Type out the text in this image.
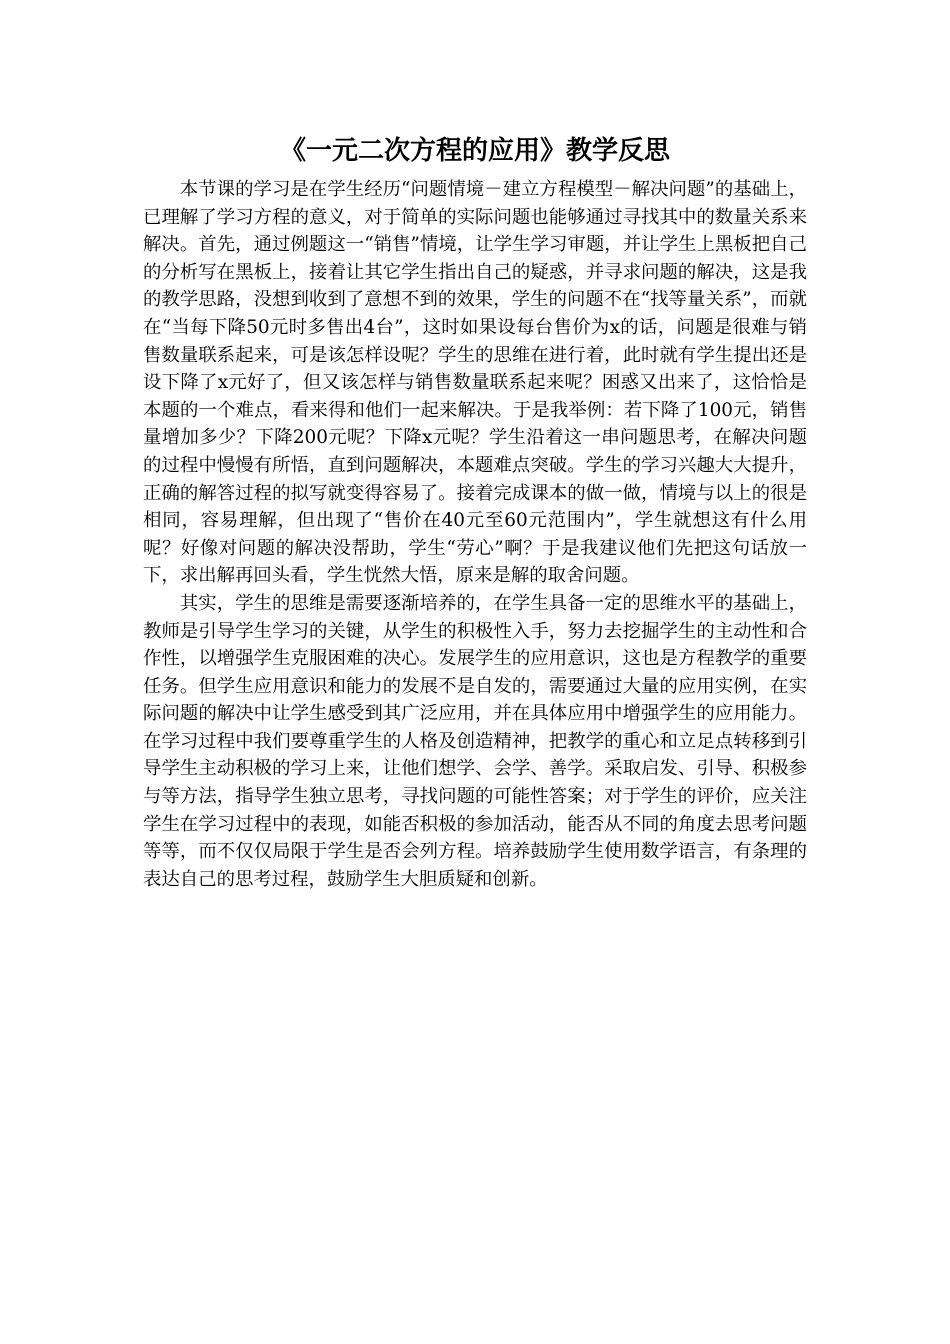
《一元二次方程的应用》教学反思

本节课的学习是在学生经历“问题情境－建立方程模型－解决问题”的基础上，已理解了学习方程的意义，对于简单的实际问题也能够通过寻找其中的数量关系来解决。首先，通过例题这一“销售”情境，让学生学习审题，并让学生上黑板把自己的分析写在黑板上，接着让其它学生指出自己的疑惑，并寻求问题的解决，这是我的教学思路，没想到收到了意想不到的效果，学生的问题不在“找等量关系”，而就在“当每下降50元时多售出4台”，这时如果设每台售价为x的话，问题是很难与销售数量联系起来，可是该怎样设呢？学生的思维在进行着，此时就有学生提出还是设下降了x元好了，但又该怎样与销售数量联系起来呢？困惑又出来了，这恰恰是本题的一个难点，看来得和他们一起来解决。于是我举例：若下降了100元，销售量增加多少？下降200元呢？下降x元呢？学生沿着这一串问题思考，在解决问题的过程中慢慢有所悟，直到问题解决，本题难点突破。学生的学习兴趣大大提升，正确的解答过程的拟写就变得容易了。接着完成课本的做一做，情境与以上的很是相同，容易理解，但出现了“售价在40元至60元范围内”，学生就想这有什么用呢？好像对问题的解决没帮助，学生“劳心”啊？于是我建议他们先把这句话放一下，求出解再回头看，学生恍然大悟，原来是解的取舍问题。

其实，学生的思维是需要逐渐培养的，在学生具备一定的思维水平的基础上，教师是引导学生学习的关键，从学生的积极性入手，努力去挖掘学生的主动性和合作性，以增强学生克服困难的决心。发展学生的应用意识，这也是方程教学的重要任务。但学生应用意识和能力的发展不是自发的，需要通过大量的应用实例，在实际问题的解决中让学生感受到其广泛应用，并在具体应用中增强学生的应用能力。在学习过程中我们要尊重学生的人格及创造精神，把教学的重心和立足点转移到引导学生主动积极的学习上来，让他们想学、会学、善学。采取启发、引导、积极参与等方法，指导学生独立思考，寻找问题的可能性答案；对于学生的评价，应关注学生在学习过程中的表现，如能否积极的参加活动，能否从不同的角度去思考问题等等，而不仅仅局限于学生是否会列方程。培养鼓励学生使用数学语言，有条理的表达自己的思考过程，鼓励学生大胆质疑和创新。
